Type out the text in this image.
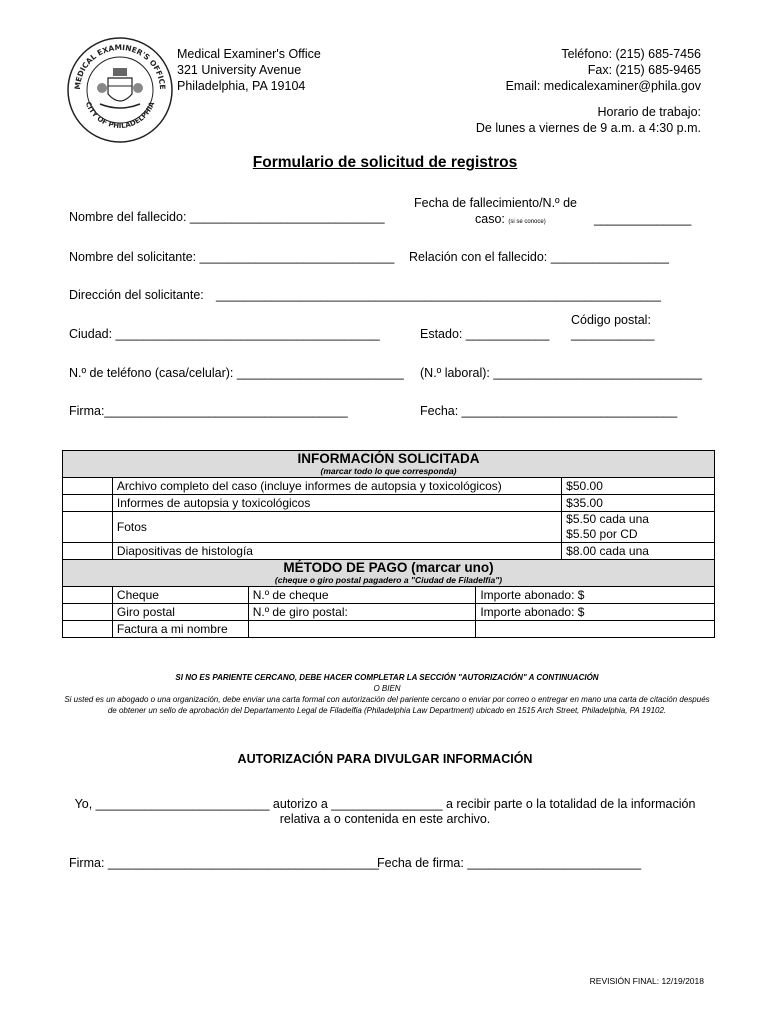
MEDICAL EXAMINER'S OFFICE
CITY OF PHILADELPHIA
Medical Examiner's Office
321 University Avenue
Philadelphia, PA 19104
Teléfono: (215) 685-7456
Fax: (215) 685-9465
Email: medicalexaminer@phila.gov
Horario de trabajo:
De lunes a viernes de 9 a.m. a 4:30 p.m.
Formulario de solicitud de registros
Nombre del fallecido: ____________________________
Fecha de fallecimiento/N.º de
caso: (si se conoce)	______________
Nombre del solicitante: ____________________________ Relación con el fallecido: _________________
Dirección del solicitante: ________________________________________________________________
Código postal:
Ciudad: ______________________________________	Estado: ____________ ____________
N.º de teléfono (casa/celular): ________________________ (N.º laboral): ______________________________
Firma:___________________________________	Fecha: _______________________________
INFORMACIÓN SOLICITADA
(marcar todo lo que corresponda)				

	Archivo completo del caso (incluye informes de autopsia y toxicológicos)			$50.00
	Informes de autopsia y toxicológicos			$35.00
	Fotos			$5.50 cada una
$5.50 por CD

	Diapositivas de histología			$8.00 cada una

MÉTODO DE PAGO (marcar uno)
(cheque o giro postal pagadero a "Ciudad de Filadelfia")				

	Cheque	N.º de cheque	Importe abonado: $	
	Giro postal	N.º de giro postal:	Importe abonado: $	
	Factura a mi nombre			
SI NO ES PARIENTE CERCANO, DEBE HACER COMPLETAR LA SECCIÓN "AUTORIZACIÓN" A CONTINUACIÓN
O BIEN
Si usted es un abogado o una organización, debe enviar una carta formal con autorización del pariente cercano o enviar por correo o entregar en mano una carta de citación después de obtener un sello de aprobación del Departamento Legal de Filadelfia (Philadelphia Law Department) ubicado en 1515 Arch Street, Philadelphia, PA 19102.
AUTORIZACIÓN PARA DIVULGAR INFORMACIÓN
Yo, _________________________ autorizo a ________________ a recibir parte o la totalidad de la información
relativa a o contenida en este archivo.
Firma: _______________________________________
Fecha de firma: _________________________
REVISIÓN FINAL: 12/19/2018
